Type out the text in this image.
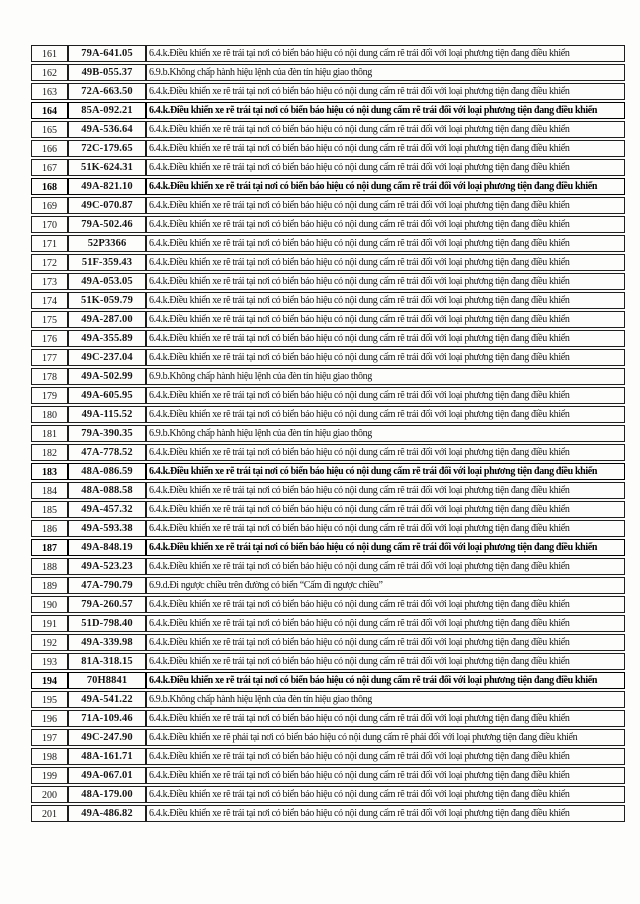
161	79A-641.05	6.4.k.Điều khiển xe rẽ trái tại nơi có biển báo hiệu có nội dung cấm rẽ trái đối với loại phương tiện đang điều khiển
162	49B-055.37	6.9.b.Không chấp hành hiệu lệnh của đèn tín hiệu giao thông
163	72A-663.50	6.4.k.Điều khiển xe rẽ trái tại nơi có biển báo hiệu có nội dung cấm rẽ trái đối với loại phương tiện đang điều khiển
164	85A-092.21	6.4.k.Điều khiển xe rẽ trái tại nơi có biển báo hiệu có nội dung cấm rẽ trái đối với loại phương tiện đang điều khiển
165	49A-536.64	6.4.k.Điều khiển xe rẽ trái tại nơi có biển báo hiệu có nội dung cấm rẽ trái đối với loại phương tiện đang điều khiển
166	72C-179.65	6.4.k.Điều khiển xe rẽ trái tại nơi có biển báo hiệu có nội dung cấm rẽ trái đối với loại phương tiện đang điều khiển
167	51K-624.31	6.4.k.Điều khiển xe rẽ trái tại nơi có biển báo hiệu có nội dung cấm rẽ trái đối với loại phương tiện đang điều khiển
168	49A-821.10	6.4.k.Điều khiển xe rẽ trái tại nơi có biển báo hiệu có nội dung cấm rẽ trái đối với loại phương tiện đang điều khiển
169	49C-070.87	6.4.k.Điều khiển xe rẽ trái tại nơi có biển báo hiệu có nội dung cấm rẽ trái đối với loại phương tiện đang điều khiển
170	79A-502.46	6.4.k.Điều khiển xe rẽ trái tại nơi có biển báo hiệu có nội dung cấm rẽ trái đối với loại phương tiện đang điều khiển
171	52P3366	6.4.k.Điều khiển xe rẽ trái tại nơi có biển báo hiệu có nội dung cấm rẽ trái đối với loại phương tiện đang điều khiển
172	51F-359.43	6.4.k.Điều khiển xe rẽ trái tại nơi có biển báo hiệu có nội dung cấm rẽ trái đối với loại phương tiện đang điều khiển
173	49A-053.05	6.4.k.Điều khiển xe rẽ trái tại nơi có biển báo hiệu có nội dung cấm rẽ trái đối với loại phương tiện đang điều khiển
174	51K-059.79	6.4.k.Điều khiển xe rẽ trái tại nơi có biển báo hiệu có nội dung cấm rẽ trái đối với loại phương tiện đang điều khiển
175	49A-287.00	6.4.k.Điều khiển xe rẽ trái tại nơi có biển báo hiệu có nội dung cấm rẽ trái đối với loại phương tiện đang điều khiển
176	49A-355.89	6.4.k.Điều khiển xe rẽ trái tại nơi có biển báo hiệu có nội dung cấm rẽ trái đối với loại phương tiện đang điều khiển
177	49C-237.04	6.4.k.Điều khiển xe rẽ trái tại nơi có biển báo hiệu có nội dung cấm rẽ trái đối với loại phương tiện đang điều khiển
178	49A-502.99	6.9.b.Không chấp hành hiệu lệnh của đèn tín hiệu giao thông
179	49A-605.95	6.4.k.Điều khiển xe rẽ trái tại nơi có biển báo hiệu có nội dung cấm rẽ trái đối với loại phương tiện đang điều khiển
180	49A-115.52	6.4.k.Điều khiển xe rẽ trái tại nơi có biển báo hiệu có nội dung cấm rẽ trái đối với loại phương tiện đang điều khiển
181	79A-390.35	6.9.b.Không chấp hành hiệu lệnh của đèn tín hiệu giao thông
182	47A-778.52	6.4.k.Điều khiển xe rẽ trái tại nơi có biển báo hiệu có nội dung cấm rẽ trái đối với loại phương tiện đang điều khiển
183	48A-086.59	6.4.k.Điều khiển xe rẽ trái tại nơi có biển báo hiệu có nội dung cấm rẽ trái đối với loại phương tiện đang điều khiển
184	48A-088.58	6.4.k.Điều khiển xe rẽ trái tại nơi có biển báo hiệu có nội dung cấm rẽ trái đối với loại phương tiện đang điều khiển
185	49A-457.32	6.4.k.Điều khiển xe rẽ trái tại nơi có biển báo hiệu có nội dung cấm rẽ trái đối với loại phương tiện đang điều khiển
186	49A-593.38	6.4.k.Điều khiển xe rẽ trái tại nơi có biển báo hiệu có nội dung cấm rẽ trái đối với loại phương tiện đang điều khiển
187	49A-848.19	6.4.k.Điều khiển xe rẽ trái tại nơi có biển báo hiệu có nội dung cấm rẽ trái đối với loại phương tiện đang điều khiển
188	49A-523.23	6.4.k.Điều khiển xe rẽ trái tại nơi có biển báo hiệu có nội dung cấm rẽ trái đối với loại phương tiện đang điều khiển
189	47A-790.79	6.9.d.Đi ngược chiều trên đường có biển “Cấm đi ngược chiều”
190	79A-260.57	6.4.k.Điều khiển xe rẽ trái tại nơi có biển báo hiệu có nội dung cấm rẽ trái đối với loại phương tiện đang điều khiển
191	51D-798.40	6.4.k.Điều khiển xe rẽ trái tại nơi có biển báo hiệu có nội dung cấm rẽ trái đối với loại phương tiện đang điều khiển
192	49A-339.98	6.4.k.Điều khiển xe rẽ trái tại nơi có biển báo hiệu có nội dung cấm rẽ trái đối với loại phương tiện đang điều khiển
193	81A-318.15	6.4.k.Điều khiển xe rẽ trái tại nơi có biển báo hiệu có nội dung cấm rẽ trái đối với loại phương tiện đang điều khiển
194	70H8841	6.4.k.Điều khiển xe rẽ trái tại nơi có biển báo hiệu có nội dung cấm rẽ trái đối với loại phương tiện đang điều khiển
195	49A-541.22	6.9.b.Không chấp hành hiệu lệnh của đèn tín hiệu giao thông
196	71A-109.46	6.4.k.Điều khiển xe rẽ trái tại nơi có biển báo hiệu có nội dung cấm rẽ trái đối với loại phương tiện đang điều khiển
197	49C-247.90	6.4.k.Điều khiển xe rẽ phải tại nơi có biển báo hiệu có nội dung cấm rẽ phải đối với loại phương tiện đang điều khiển
198	48A-161.71	6.4.k.Điều khiển xe rẽ trái tại nơi có biển báo hiệu có nội dung cấm rẽ trái đối với loại phương tiện đang điều khiển
199	49A-067.01	6.4.k.Điều khiển xe rẽ trái tại nơi có biển báo hiệu có nội dung cấm rẽ trái đối với loại phương tiện đang điều khiển
200	48A-179.00	6.4.k.Điều khiển xe rẽ trái tại nơi có biển báo hiệu có nội dung cấm rẽ trái đối với loại phương tiện đang điều khiển
201	49A-486.82	6.4.k.Điều khiển xe rẽ trái tại nơi có biển báo hiệu có nội dung cấm rẽ trái đối với loại phương tiện đang điều khiển
